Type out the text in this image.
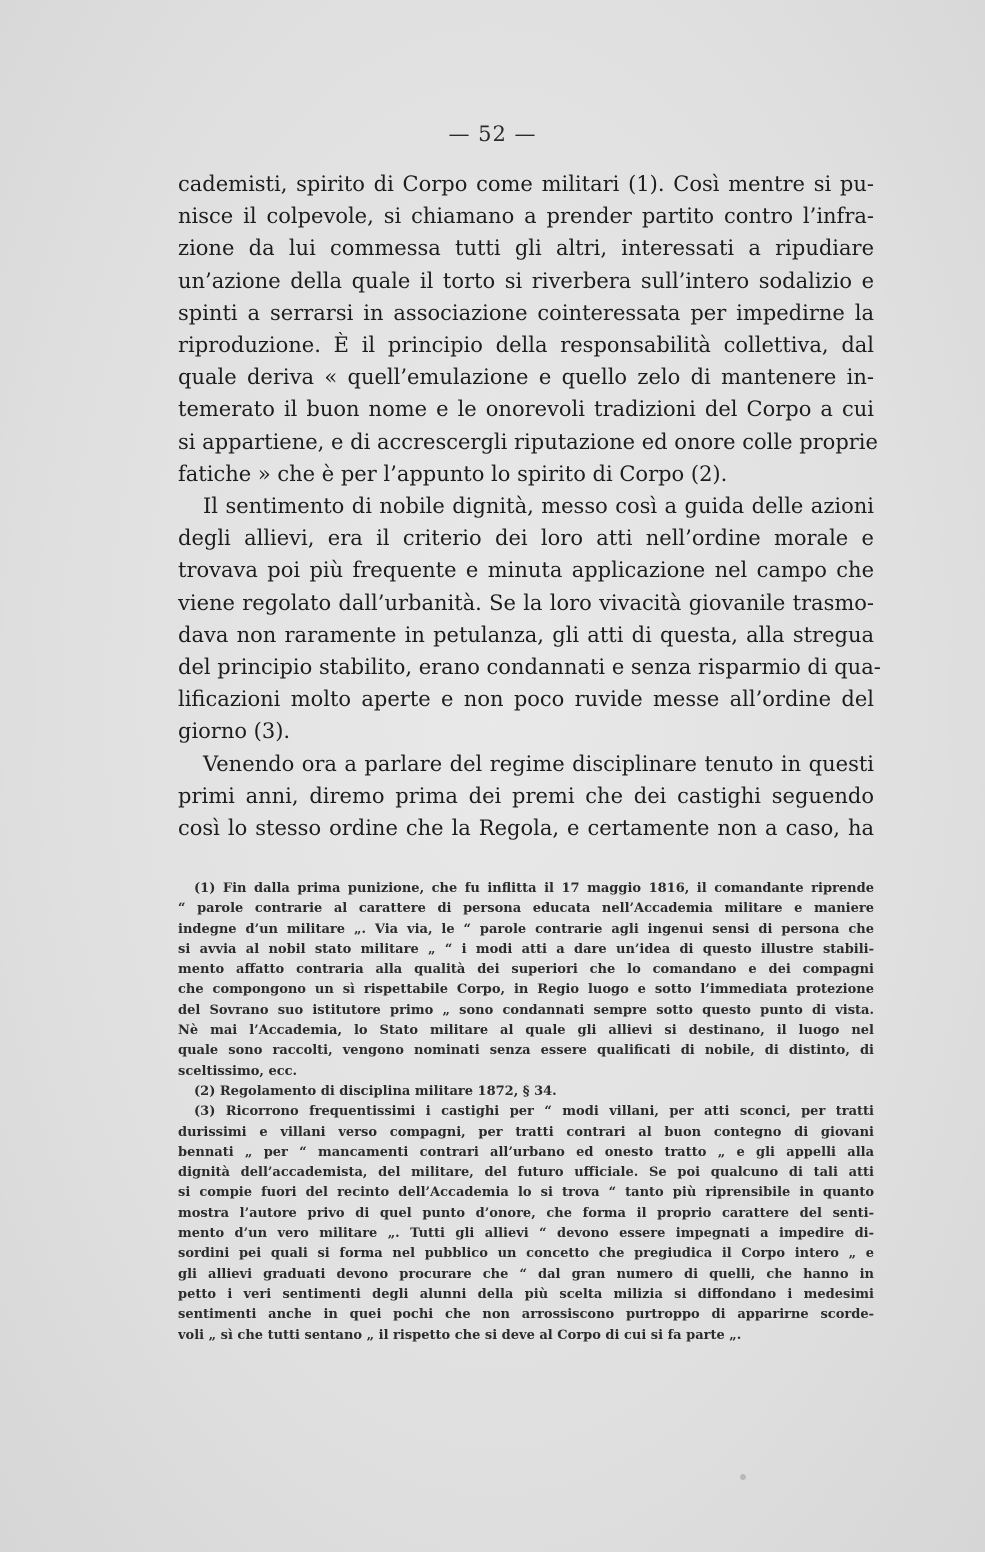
— 52 —
cademisti, spirito di Corpo come militari (1). Così mentre si pu-
nisce il colpevole, si chiamano a prender partito contro l’infra-
zione da lui commessa tutti gli altri, interessati a ripudiare
un’azione della quale il torto si riverbera sull’intero sodalizio e
spinti a serrarsi in associazione cointeressata per impedirne la
riproduzione. È il principio della responsabilità collettiva, dal
quale deriva « quell’emulazione e quello zelo di mantenere in-
temerato il buon nome e le onorevoli tradizioni del Corpo a cui
si appartiene, e di accrescergli riputazione ed onore colle proprie
fatiche » che è per l’appunto lo spirito di Corpo (2).
Il sentimento di nobile dignità, messo così a guida delle azioni
degli allievi, era il criterio dei loro atti nell’ordine morale e
trovava poi più frequente e minuta applicazione nel campo che
viene regolato dall’urbanità. Se la loro vivacità giovanile trasmo-
dava non raramente in petulanza, gli atti di questa, alla stregua
del principio stabilito, erano condannati e senza risparmio di qua-
lificazioni molto aperte e non poco ruvide messe all’ordine del
giorno (3).
Venendo ora a parlare del regime disciplinare tenuto in questi
primi anni, diremo prima dei premi che dei castighi seguendo
così lo stesso ordine che la Regola, e certamente non a caso, ha
(1) Fin dalla prima punizione, che fu inflitta il 17 maggio 1816, il comandante riprende
“ parole contrarie al carattere di persona educata nell’Accademia militare e maniere
indegne d’un militare „. Via via, le “ parole contrarie agli ingenui sensi di persona che
si avvia al nobil stato militare „ “ i modi atti a dare un’idea di questo illustre stabili-
mento affatto contraria alla qualità dei superiori che lo comandano e dei compagni
che compongono un sì rispettabile Corpo, in Regio luogo e sotto l’immediata protezione
del Sovrano suo istitutore primo „ sono condannati sempre sotto questo punto di vista.
Nè mai l’Accademia, lo Stato militare al quale gli allievi si destinano, il luogo nel
quale sono raccolti, vengono nominati senza essere qualificati di nobile, di distinto, di
sceltissimo, ecc.
(2) Regolamento di disciplina militare 1872, § 34.
(3) Ricorrono frequentissimi i castighi per “ modi villani, per atti sconci, per tratti
durissimi e villani verso compagni, per tratti contrari al buon contegno di giovani
bennati „ per “ mancamenti contrari all’urbano ed onesto tratto „ e gli appelli alla
dignità dell’accademista, del militare, del futuro ufficiale. Se poi qualcuno di tali atti
si compie fuori del recinto dell’Accademia lo si trova “ tanto più riprensibile in quanto
mostra l’autore privo di quel punto d’onore, che forma il proprio carattere del senti-
mento d’un vero militare „. Tutti gli allievi “ devono essere impegnati a impedire di-
sordini pei quali si forma nel pubblico un concetto che pregiudica il Corpo intero „ e
gli allievi graduati devono procurare che “ dal gran numero di quelli, che hanno in
petto i veri sentimenti degli alunni della più scelta milizia si diffondano i medesimi
sentimenti anche in quei pochi che non arrossiscono purtroppo di apparirne scorde-
voli „ sì che tutti sentano „ il rispetto che si deve al Corpo di cui si fa parte „.
